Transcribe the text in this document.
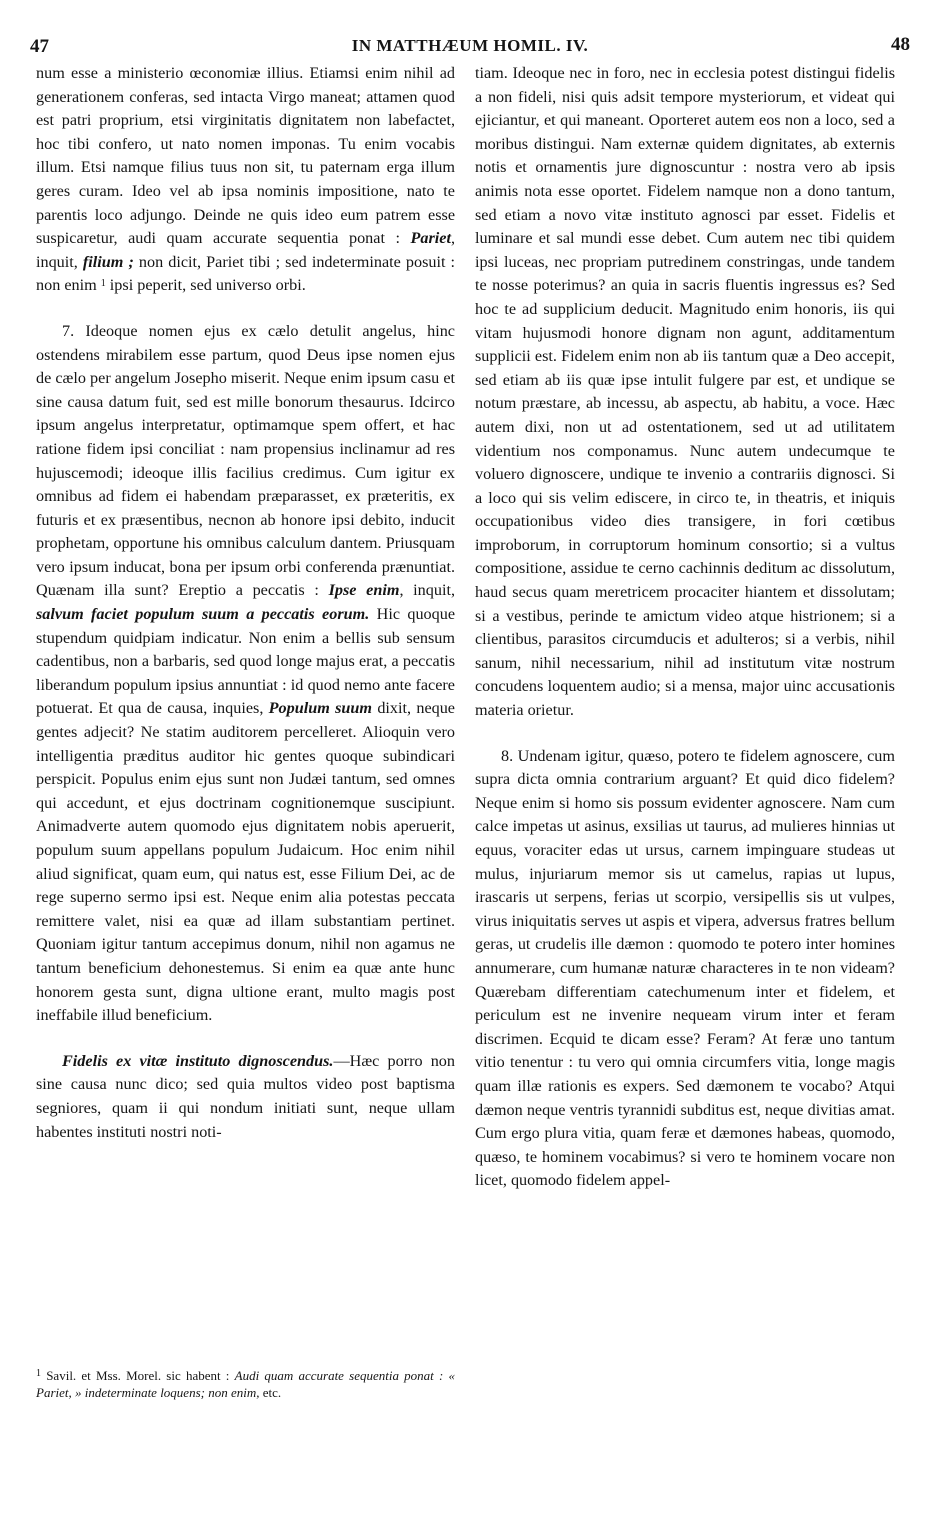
47	IN MATTHÆUM HOMIL. IV.	48

num esse a ministerio œconomiæ illius. Etiamsi enim nihil ad generationem conferas, sed intacta Virgo maneat; attamen quod est patri proprium, etsi virginitatis dignitatem non labefactet, hoc tibi confero, ut nato nomen imponas. Tu enim vocabis illum. Etsi namque filius tuus non sit, tu paternam erga illum geres curam. Ideo vel ab ipsa nominis impositione, nato te parentis loco adjungo. Deinde ne quis ideo eum patrem esse suspicaretur, audi quam accurate sequentia ponat : Pariet, inquit, filium ; non dicit, Pariet tibi ; sed indeterminate posuit : non enim $^1$ ipsi peperit, sed universo orbi.

7. Ideoque nomen ejus ex cælo detulit angelus, hinc ostendens mirabilem esse partum, quod Deus ipse nomen ejus de cælo per angelum Josepho miserit. Neque enim ipsum casu et sine causa datum fuit, sed est mille bonorum thesaurus. Idcirco ipsum angelus interpretatur, optimamque spem offert, et hac ratione fidem ipsi conciliat : nam propensius inclinamur ad res hujuscemodi; ideoque illis facilius credimus. Cum igitur ex omnibus ad fidem ei habendam præparasset, ex præteritis, ex futuris et ex præsentibus, necnon ab honore ipsi debito, inducit prophetam, opportune his omnibus calculum dantem. Priusquam vero ipsum inducat, bona per ipsum orbi conferenda prænuntiat. Quænam illa sunt? Ereptio a peccatis : Ipse enim, inquit, salvum faciet populum suum a peccatis eorum. Hic quoque stupendum quidpiam indicatur. Non enim a bellis sub sensum cadentibus, non a barbaris, sed quod longe majus erat, a peccatis liberandum populum ipsius annuntiat : id quod nemo ante facere potuerat. Et qua de causa, inquies, Populum suum dixit, neque gentes adjecit? Ne statim auditorem percelleret. Alioquin vero intelligentia præditus auditor hic gentes quoque subindicari perspicit. Populus enim ejus sunt non Judæi tantum, sed omnes qui accedunt, et ejus doctrinam cognitionemque suscipiunt. Animadverte autem quomodo ejus dignitatem nobis aperuerit, populum suum appellans populum Judaicum. Hoc enim nihil aliud significat, quam eum, qui natus est, esse Filium Dei, ac de rege superno sermo ipsi est. Neque enim alia potestas peccata remittere valet, nisi ea quæ ad illam substantiam pertinet. Quoniam igitur tantum accepimus donum, nihil non agamus ne tantum beneficium dehonestemus. Si enim ea quæ ante hunc honorem gesta sunt, digna ultione erant, multo magis post ineffabile illud beneficium.

Fidelis ex vitæ instituto dignoscendus.—Hæc porro non sine causa nunc dico; sed quia multos video post baptisma segniores, quam ii qui nondum initiati sunt, neque ullam habentes instituti nostri noti-

$^1$ Savil. et Mss. Morel. sic habent : Audi quam accurate sequentia ponat : « Pariet, » indeterminate loquens; non enim, etc.

tiam. Ideoque nec in foro, nec in ecclesia potest distingui fidelis a non fideli, nisi quis adsit tempore mysteriorum, et videat qui ejiciantur, et qui maneant. Oporteret autem eos non a loco, sed a moribus distingui. Nam externæ quidem dignitates, ab externis notis et ornamentis jure dignoscuntur : nostra vero ab ipsis animis nota esse oportet. Fidelem namque non a dono tantum, sed etiam a novo vitæ instituto agnosci par esset. Fidelis et luminare et sal mundi esse debet. Cum autem nec tibi quidem ipsi luceas, nec propriam putredinem constringas, unde tandem te nosse poterimus? an quia in sacris fluentis ingressus es? Sed hoc te ad supplicium deducit. Magnitudo enim honoris, iis qui vitam hujusmodi honore dignam non agunt, additamentum supplicii est. Fidelem enim non ab iis tantum quæ a Deo accepit, sed etiam ab iis quæ ipse intulit fulgere par est, et undique se notum præstare, ab incessu, ab aspectu, ab habitu, a voce. Hæc autem dixi, non ut ad ostentationem, sed ut ad utilitatem videntium nos componamus. Nunc autem undecumque te voluero dignoscere, undique te invenio a contrariis dignosci. Si a loco qui sis velim ediscere, in circo te, in theatris, et iniquis occupationibus video dies transigere, in fori cœtibus improborum, in corruptorum hominum consortio; si a vultus compositione, assidue te cerno cachinnis deditum ac dissolutum, haud secus quam meretricem procaciter hiantem et dissolutam; si a vestibus, perinde te amictum video atque histrionem; si a clientibus, parasitos circumducis et adulteros; si a verbis, nihil sanum, nihil necessarium, nihil ad institutum vitæ nostrum concudens loquentem audio; si a mensa, major uinc accusationis materia orietur.

8. Undenam igitur, quæso, potero te fidelem agnoscere, cum supra dicta omnia contrarium arguant? Et quid dico fidelem? Neque enim si homo sis possum evidenter agnoscere. Nam cum calce impetas ut asinus, exsilias ut taurus, ad mulieres hinnias ut equus, voraciter edas ut ursus, carnem impinguare studeas ut mulus, injuriarum memor sis ut camelus, rapias ut lupus, irascaris ut serpens, ferias ut scorpio, versipellis sis ut vulpes, virus iniquitatis serves ut aspis et vipera, adversus fratres bellum geras, ut crudelis ille dæmon : quomodo te potero inter homines annumerare, cum humanæ naturæ characteres in te non videam? Quærebam differentiam catechumenum inter et fidelem, et periculum est ne invenire nequeam virum inter et feram discrimen. Ecquid te dicam esse? Feram? At feræ uno tantum vitio tenentur : tu vero qui omnia circumfers vitia, longe magis quam illæ rationis es expers. Sed dæmonem te vocabo? Atqui dæmon neque ventris tyrannidi subditus est, neque divitias amat. Cum ergo plura vitia, quam feræ et dæmones habeas, quomodo, quæso, te hominem vocabimus? si vero te hominem vocare non licet, quomodo fidelem appel-
